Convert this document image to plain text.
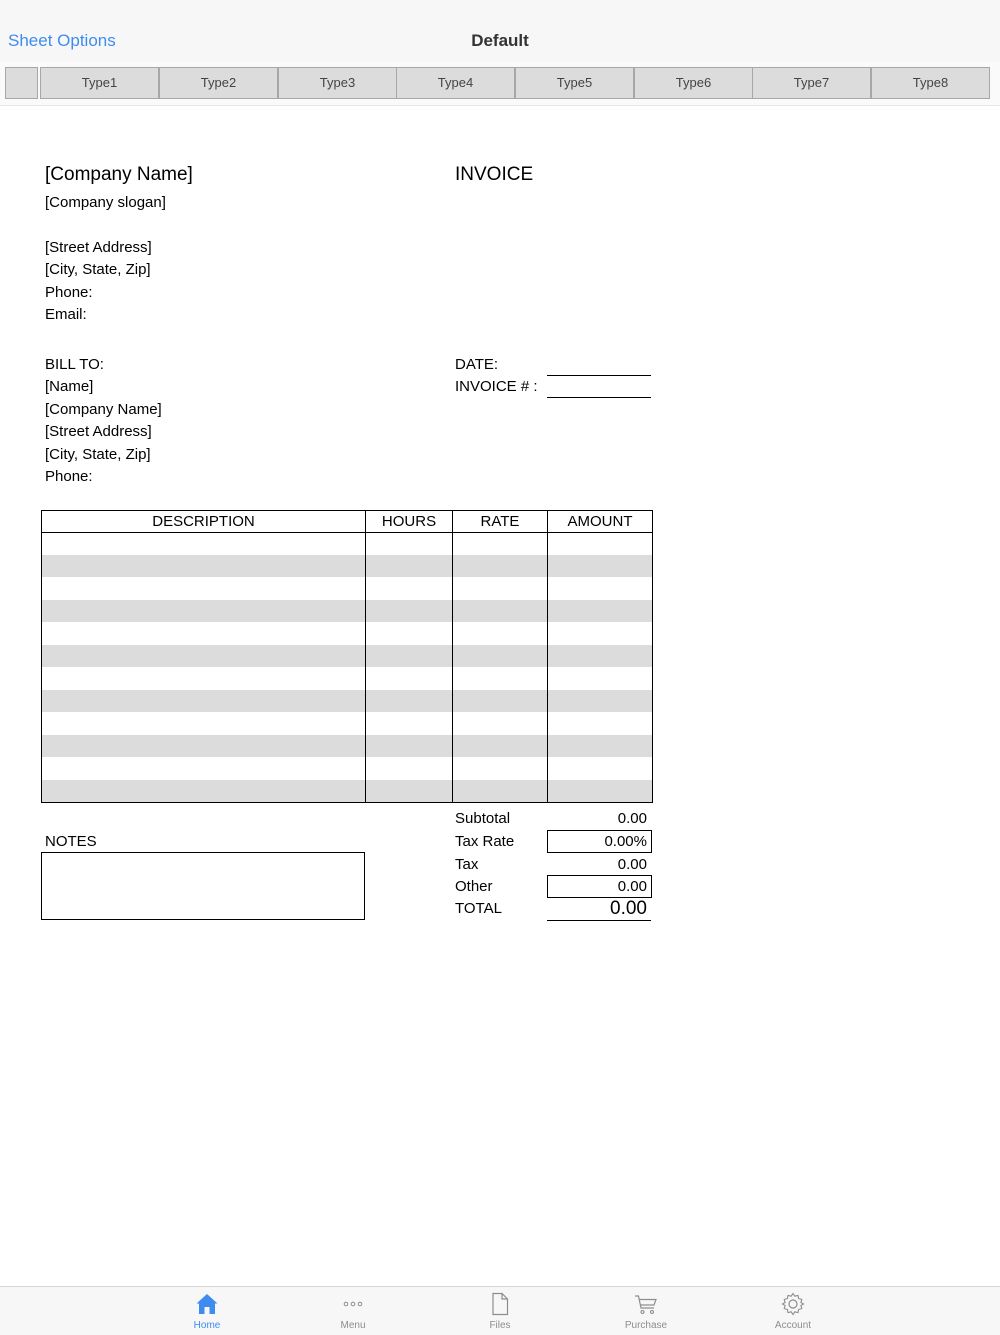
Sheet Options	Default
Type1	Type2	Type3	Type4	Type5	Type6	Type7	Type8
[Company Name]	INVOICE
[Company slogan]
[Street Address]
[City, State, Zip]
Phone:
Email:
BILL TO:
[Name]
[Company Name]
[Street Address]
[City, State, Zip]
Phone:
DATE:
INVOICE # :
DESCRIPTION	HOURS	RATE	AMOUNT
NOTES
Subtotal	0.00
Tax Rate	0.00%
Tax	0.00
Other	0.00
TOTAL	0.00
Home	Menu	Files	Purchase	Account
